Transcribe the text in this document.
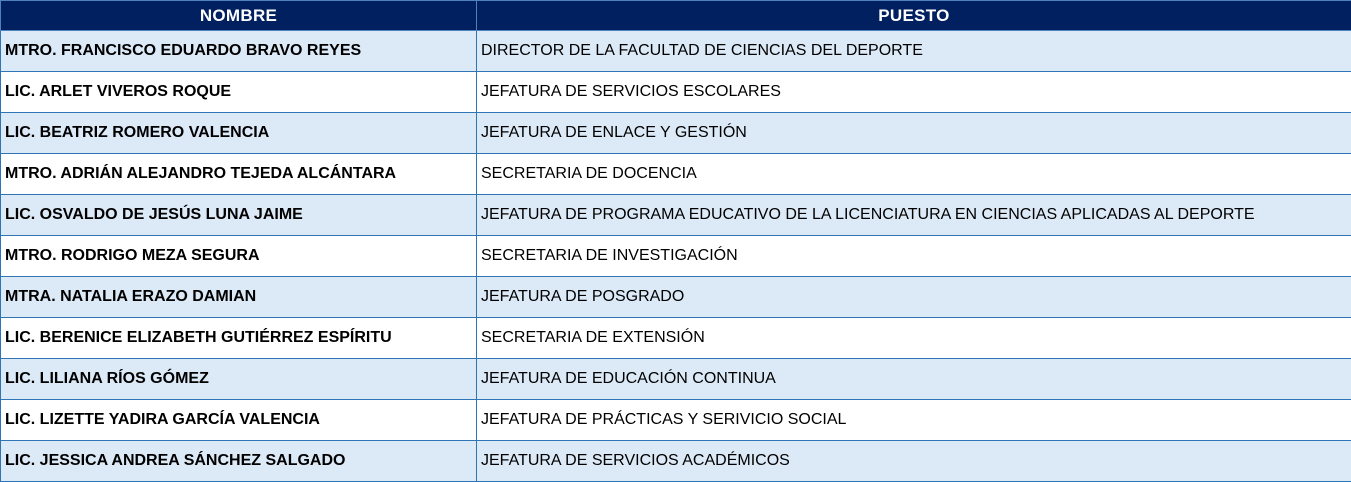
NOMBRE	PUESTO
MTRO. FRANCISCO EDUARDO BRAVO REYES	DIRECTOR DE LA FACULTAD DE CIENCIAS DEL DEPORTE
LIC. ARLET VIVEROS ROQUE	JEFATURA DE SERVICIOS ESCOLARES
LIC. BEATRIZ ROMERO VALENCIA	JEFATURA DE ENLACE Y GESTIÓN
MTRO. ADRIÁN ALEJANDRO TEJEDA ALCÁNTARA	SECRETARIA DE DOCENCIA
LIC. OSVALDO DE JESÚS LUNA JAIME	JEFATURA DE PROGRAMA EDUCATIVO DE LA LICENCIATURA EN CIENCIAS APLICADAS AL DEPORTE
MTRO. RODRIGO MEZA SEGURA	SECRETARIA DE INVESTIGACIÓN
MTRA. NATALIA ERAZO DAMIAN	JEFATURA DE POSGRADO
LIC. BERENICE ELIZABETH GUTIÉRREZ ESPÍRITU	SECRETARIA DE EXTENSIÓN
LIC. LILIANA RÍOS GÓMEZ	JEFATURA DE EDUCACIÓN CONTINUA
LIC. LIZETTE YADIRA GARCÍA VALENCIA	JEFATURA DE PRÁCTICAS Y SERIVICIO SOCIAL
LIC. JESSICA ANDREA SÁNCHEZ SALGADO	JEFATURA DE SERVICIOS ACADÉMICOS
